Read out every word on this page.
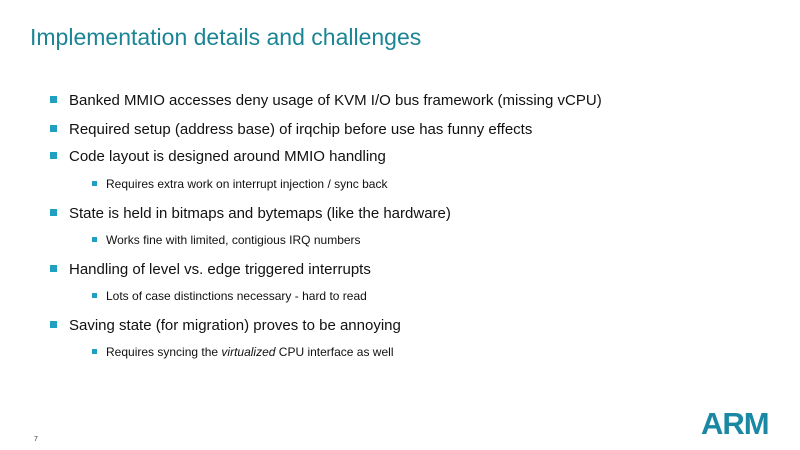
Implementation details and challenges
Banked MMIO accesses deny usage of KVM I/O bus framework (missing vCPU)
Required setup (address base) of irqchip before use has funny effects
Code layout is designed around MMIO handling
Requires extra work on interrupt injection / sync back
State is held in bitmaps and bytemaps (like the hardware)
Works fine with limited, contigious IRQ numbers
Handling of level vs. edge triggered interrupts
Lots of case distinctions necessary - hard to read
Saving state (for migration) proves to be annoying
Requires syncing the virtualized CPU interface as well
7	ARM
